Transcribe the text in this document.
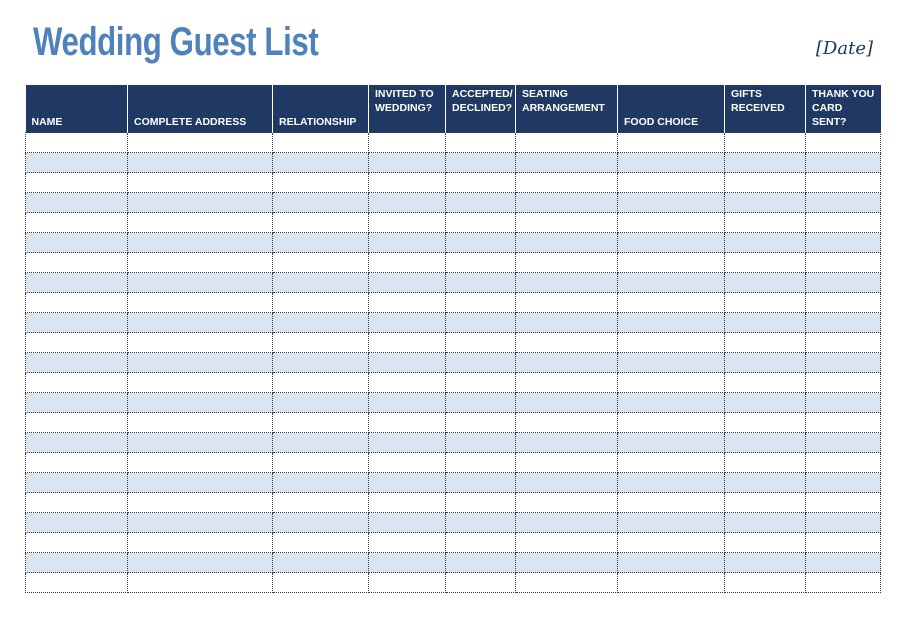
Wedding Guest List	[Date]
NAME	COMPLETE ADDRESS	RELATIONSHIP	INVITED TO WEDDING?	ACCEPTED/ DECLINED?	SEATING ARRANGEMENT	FOOD CHOICE	GIFTS RECEIVED	THANK YOU CARD SENT?
